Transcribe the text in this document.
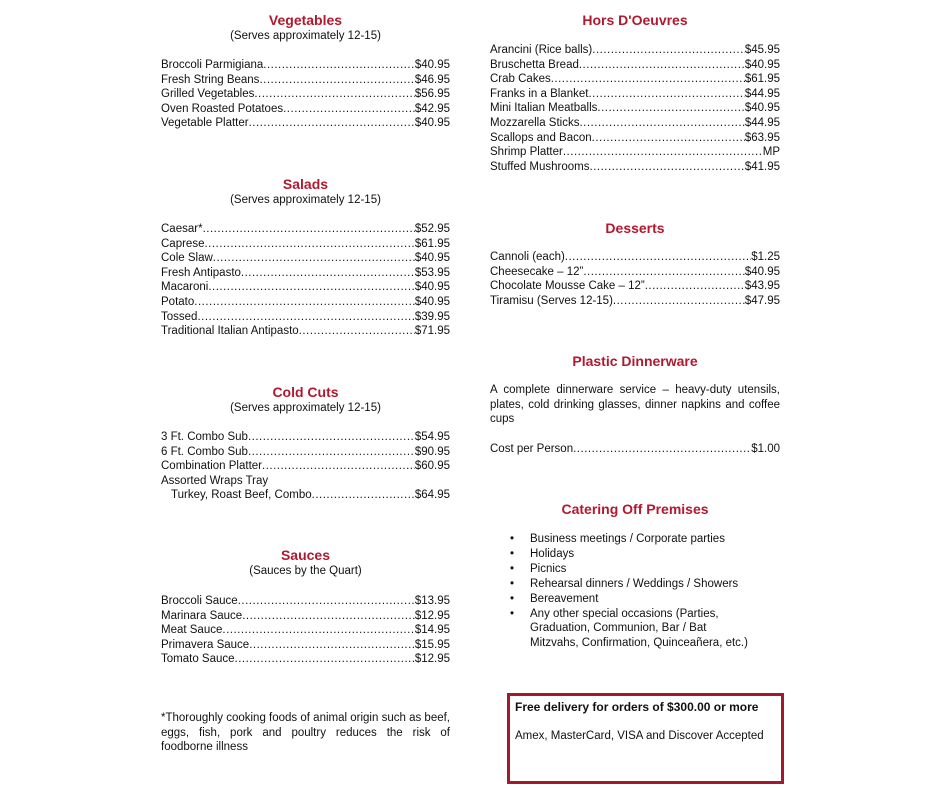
Vegetables
(Serves approximately 12-15)
Broccoli Parmigiana .....	$40.95
Fresh String Beans .....	$46.95
Grilled Vegetables .....	$56.95
Oven Roasted Potatoes .....	$42.95
Vegetable Platter .....	$40.95
Salads
(Serves approximately 12-15)
Caesar* .....	$52.95
Caprese .....	$61.95
Cole Slaw .....	$40.95
Fresh Antipasto .....	$53.95
Macaroni .....	$40.95
Potato .....	$40.95
Tossed .....	$39.95
Traditional Italian Antipasto .....	$71.95
Cold Cuts
(Serves approximately 12-15)
3 Ft. Combo Sub .....	$54.95
6 Ft. Combo Sub .....	$90.95
Combination Platter .....	$60.95
Assorted Wraps Tray
Turkey, Roast Beef, Combo .....	$64.95
Sauces
(Sauces by the Quart)
Broccoli Sauce .....	$13.95
Marinara Sauce .....	$12.95
Meat Sauce .....	$14.95
Primavera Sauce .....	$15.95
Tomato Sauce .....	$12.95
*Thoroughly cooking foods of animal origin such as beef, eggs, fish, pork and poultry reduces the risk of foodborne illness
Hors D'Oeuvres
Arancini (Rice balls) .....	$45.95
Bruschetta Bread .....	$40.95
Crab Cakes .....	$61.95
Franks in a Blanket .....	$44.95
Mini Italian Meatballs .....	$40.95
Mozzarella Sticks .....	$44.95
Scallops and Bacon .....	$63.95
Shrimp Platter .....	MP
Stuffed Mushrooms .....	$41.95
Desserts
Cannoli (each) .....	$1.25
Cheesecake – 12” .....	$40.95
Chocolate Mousse Cake – 12” .....	$43.95
Tiramisu (Serves 12-15) .....	$47.95
Plastic Dinnerware
A complete dinnerware service – heavy-duty utensils, plates, cold drinking glasses, dinner napkins and coffee cups
Cost per Person .....	$1.00
Catering Off Premises
• Business meetings / Corporate parties
• Holidays
• Picnics
• Rehearsal dinners / Weddings / Showers
• Bereavement
• Any other special occasions (Parties, Graduation, Communion, Bar / Bat Mitzvahs, Confirmation, Quinceañera, etc.)
Free delivery for orders of $300.00 or more
Amex, MasterCard, VISA and Discover Accepted
